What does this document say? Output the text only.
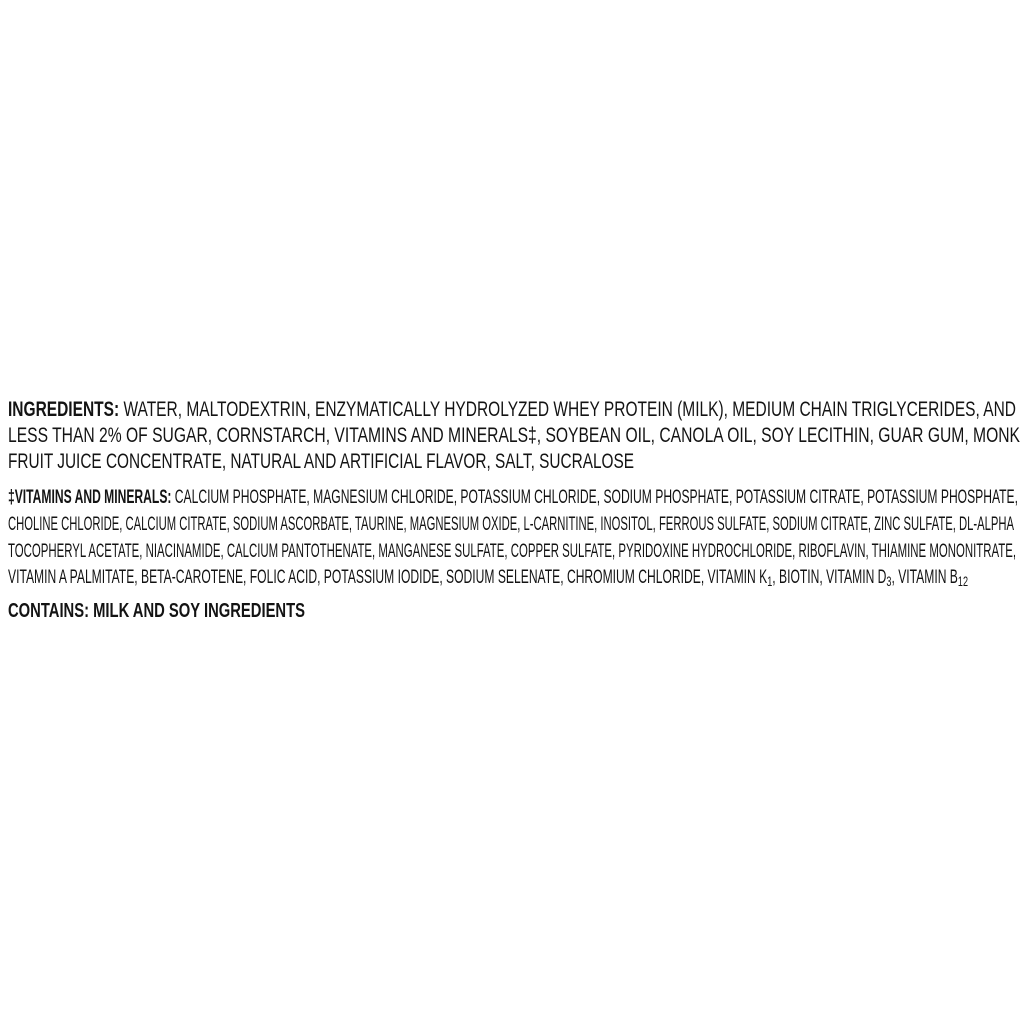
INGREDIENTS: WATER, MALTODEXTRIN, ENZYMATICALLY HYDROLYZED WHEY PROTEIN (MILK), MEDIUM CHAIN TRIGLYCERIDES, AND
LESS THAN 2% OF SUGAR, CORNSTARCH, VITAMINS AND MINERALS‡, SOYBEAN OIL, CANOLA OIL, SOY LECITHIN, GUAR GUM, MONK
FRUIT JUICE CONCENTRATE, NATURAL AND ARTIFICIAL FLAVOR, SALT, SUCRALOSE
‡VITAMINS AND MINERALS: CALCIUM PHOSPHATE, MAGNESIUM CHLORIDE, POTASSIUM CHLORIDE, SODIUM PHOSPHATE, POTASSIUM CITRATE, POTASSIUM PHOSPHATE,
CHOLINE CHLORIDE, CALCIUM CITRATE, SODIUM ASCORBATE, TAURINE, MAGNESIUM OXIDE, L-CARNITINE, INOSITOL, FERROUS SULFATE, SODIUM CITRATE, ZINC SULFATE, DL-ALPHA
TOCOPHERYL ACETATE, NIACINAMIDE, CALCIUM PANTOTHENATE, MANGANESE SULFATE, COPPER SULFATE, PYRIDOXINE HYDROCHLORIDE, RIBOFLAVIN, THIAMINE MONONITRATE,
VITAMIN A PALMITATE, BETA-CAROTENE, FOLIC ACID, POTASSIUM IODIDE, SODIUM SELENATE, CHROMIUM CHLORIDE, VITAMIN K1, BIOTIN, VITAMIN D3, VITAMIN B12
CONTAINS: MILK AND SOY INGREDIENTS
